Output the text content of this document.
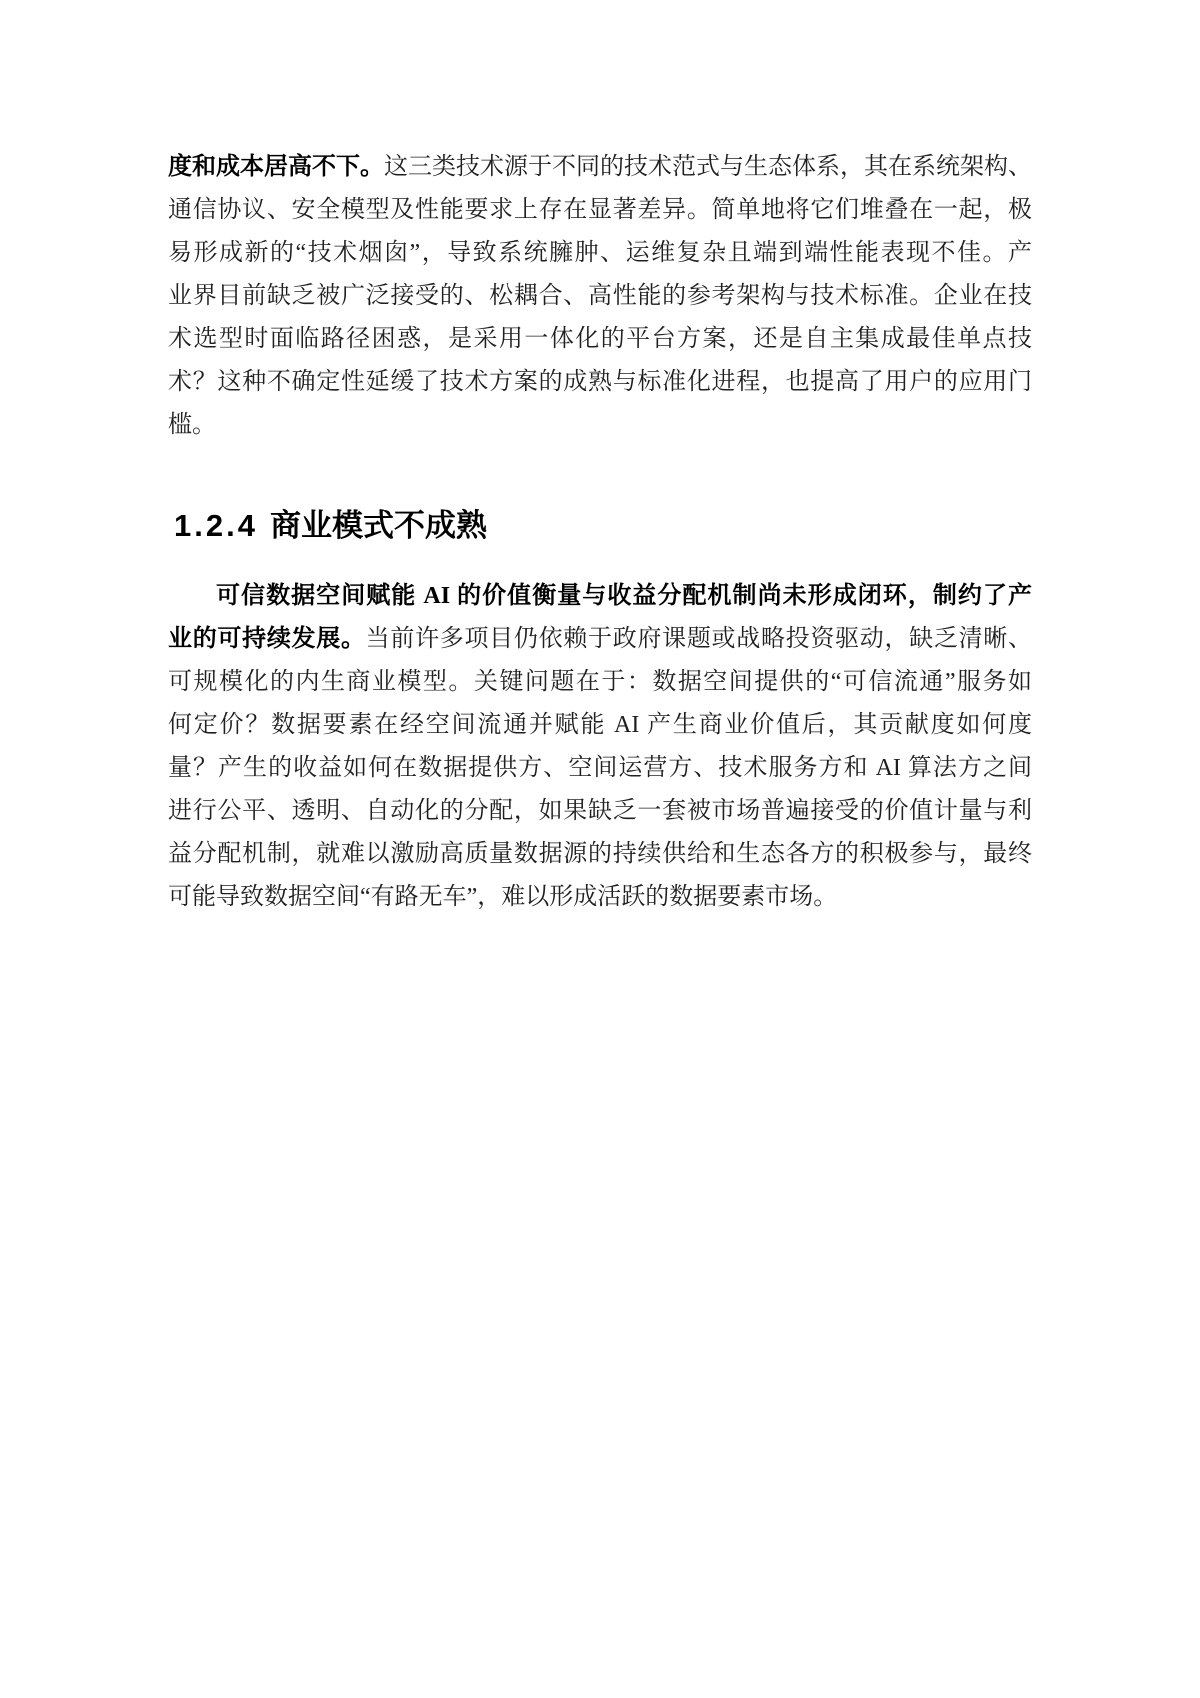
度和成本居高不下。这三类技术源于不同的技术范式与生态体系，其在系统架构、
通信协议、安全模型及性能要求上存在显著差异。简单地将它们堆叠在一起，极
易形成新的“技术烟囱”，导致系统臃肿、运维复杂且端到端性能表现不佳。产
业界目前缺乏被广泛接受的、松耦合、高性能的参考架构与技术标准。企业在技
术选型时面临路径困惑，是采用一体化的平台方案，还是自主集成最佳单点技
术？这种不确定性延缓了技术方案的成熟与标准化进程，也提高了用户的应用门
槛。
1.2.4 商业模式不成熟
可信数据空间赋能 AI 的价值衡量与收益分配机制尚未形成闭环，制约了产
业的可持续发展。当前许多项目仍依赖于政府课题或战略投资驱动，缺乏清晰、
可规模化的内生商业模型。关键问题在于：数据空间提供的“可信流通”服务如
何定价？数据要素在经空间流通并赋能 AI 产生商业价值后，其贡献度如何度
量？产生的收益如何在数据提供方、空间运营方、技术服务方和 AI 算法方之间
进行公平、透明、自动化的分配，如果缺乏一套被市场普遍接受的价值计量与利
益分配机制，就难以激励高质量数据源的持续供给和生态各方的积极参与，最终
可能导致数据空间“有路无车”，难以形成活跃的数据要素市场。
